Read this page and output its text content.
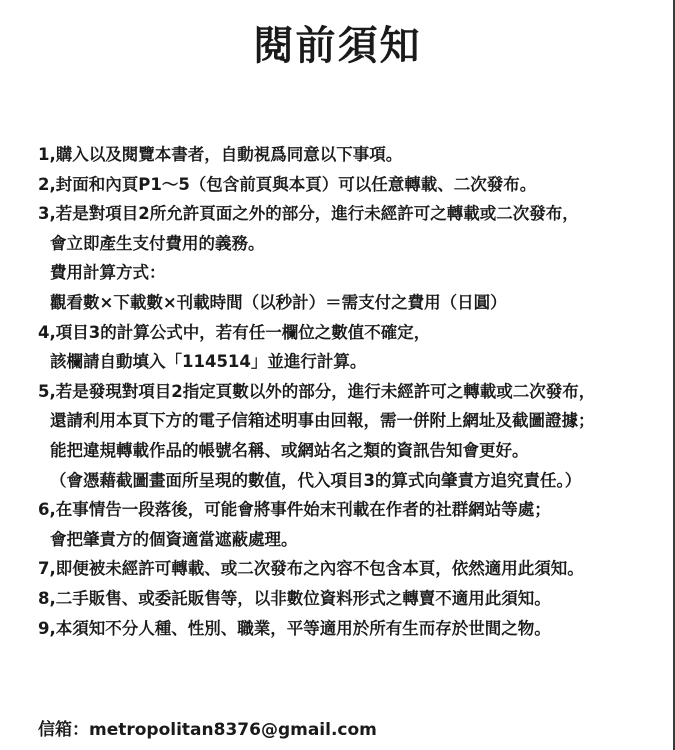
閱前須知
1,購入以及閱覽本書者，自動視爲同意以下事項。
2,封面和內頁P1～5（包含前頁與本頁）可以任意轉載、二次發布。
3,若是對項目2所允許頁面之外的部分，進行未經許可之轉載或二次發布，
會立即產生支付費用的義務。
費用計算方式：
觀看數×下載數×刊載時間（以秒計）＝需支付之費用（日圓）
4,項目3的計算公式中，若有任一欄位之數值不確定，
該欄請自動填入「114514」並進行計算。
5,若是發現對項目2指定頁數以外的部分，進行未經許可之轉載或二次發布，
還請利用本頁下方的電子信箱述明事由回報，需一併附上網址及截圖證據；
能把違規轉載作品的帳號名稱、或網站名之類的資訊告知會更好。
（會憑藉截圖畫面所呈現的數值，代入項目3的算式向肇責方追究責任。）
6,在事情告一段落後，可能會將事件始末刊載在作者的社群網站等處；
會把肇責方的個資適當遮蔽處理。
7,即便被未經許可轉載、或二次發布之內容不包含本頁，依然適用此須知。
8,二手販售、或委託販售等，以非數位資料形式之轉賣不適用此須知。
9,本須知不分人種、性別、職業，平等適用於所有生而存於世間之物。
信箱：metropolitan8376@gmail.com
